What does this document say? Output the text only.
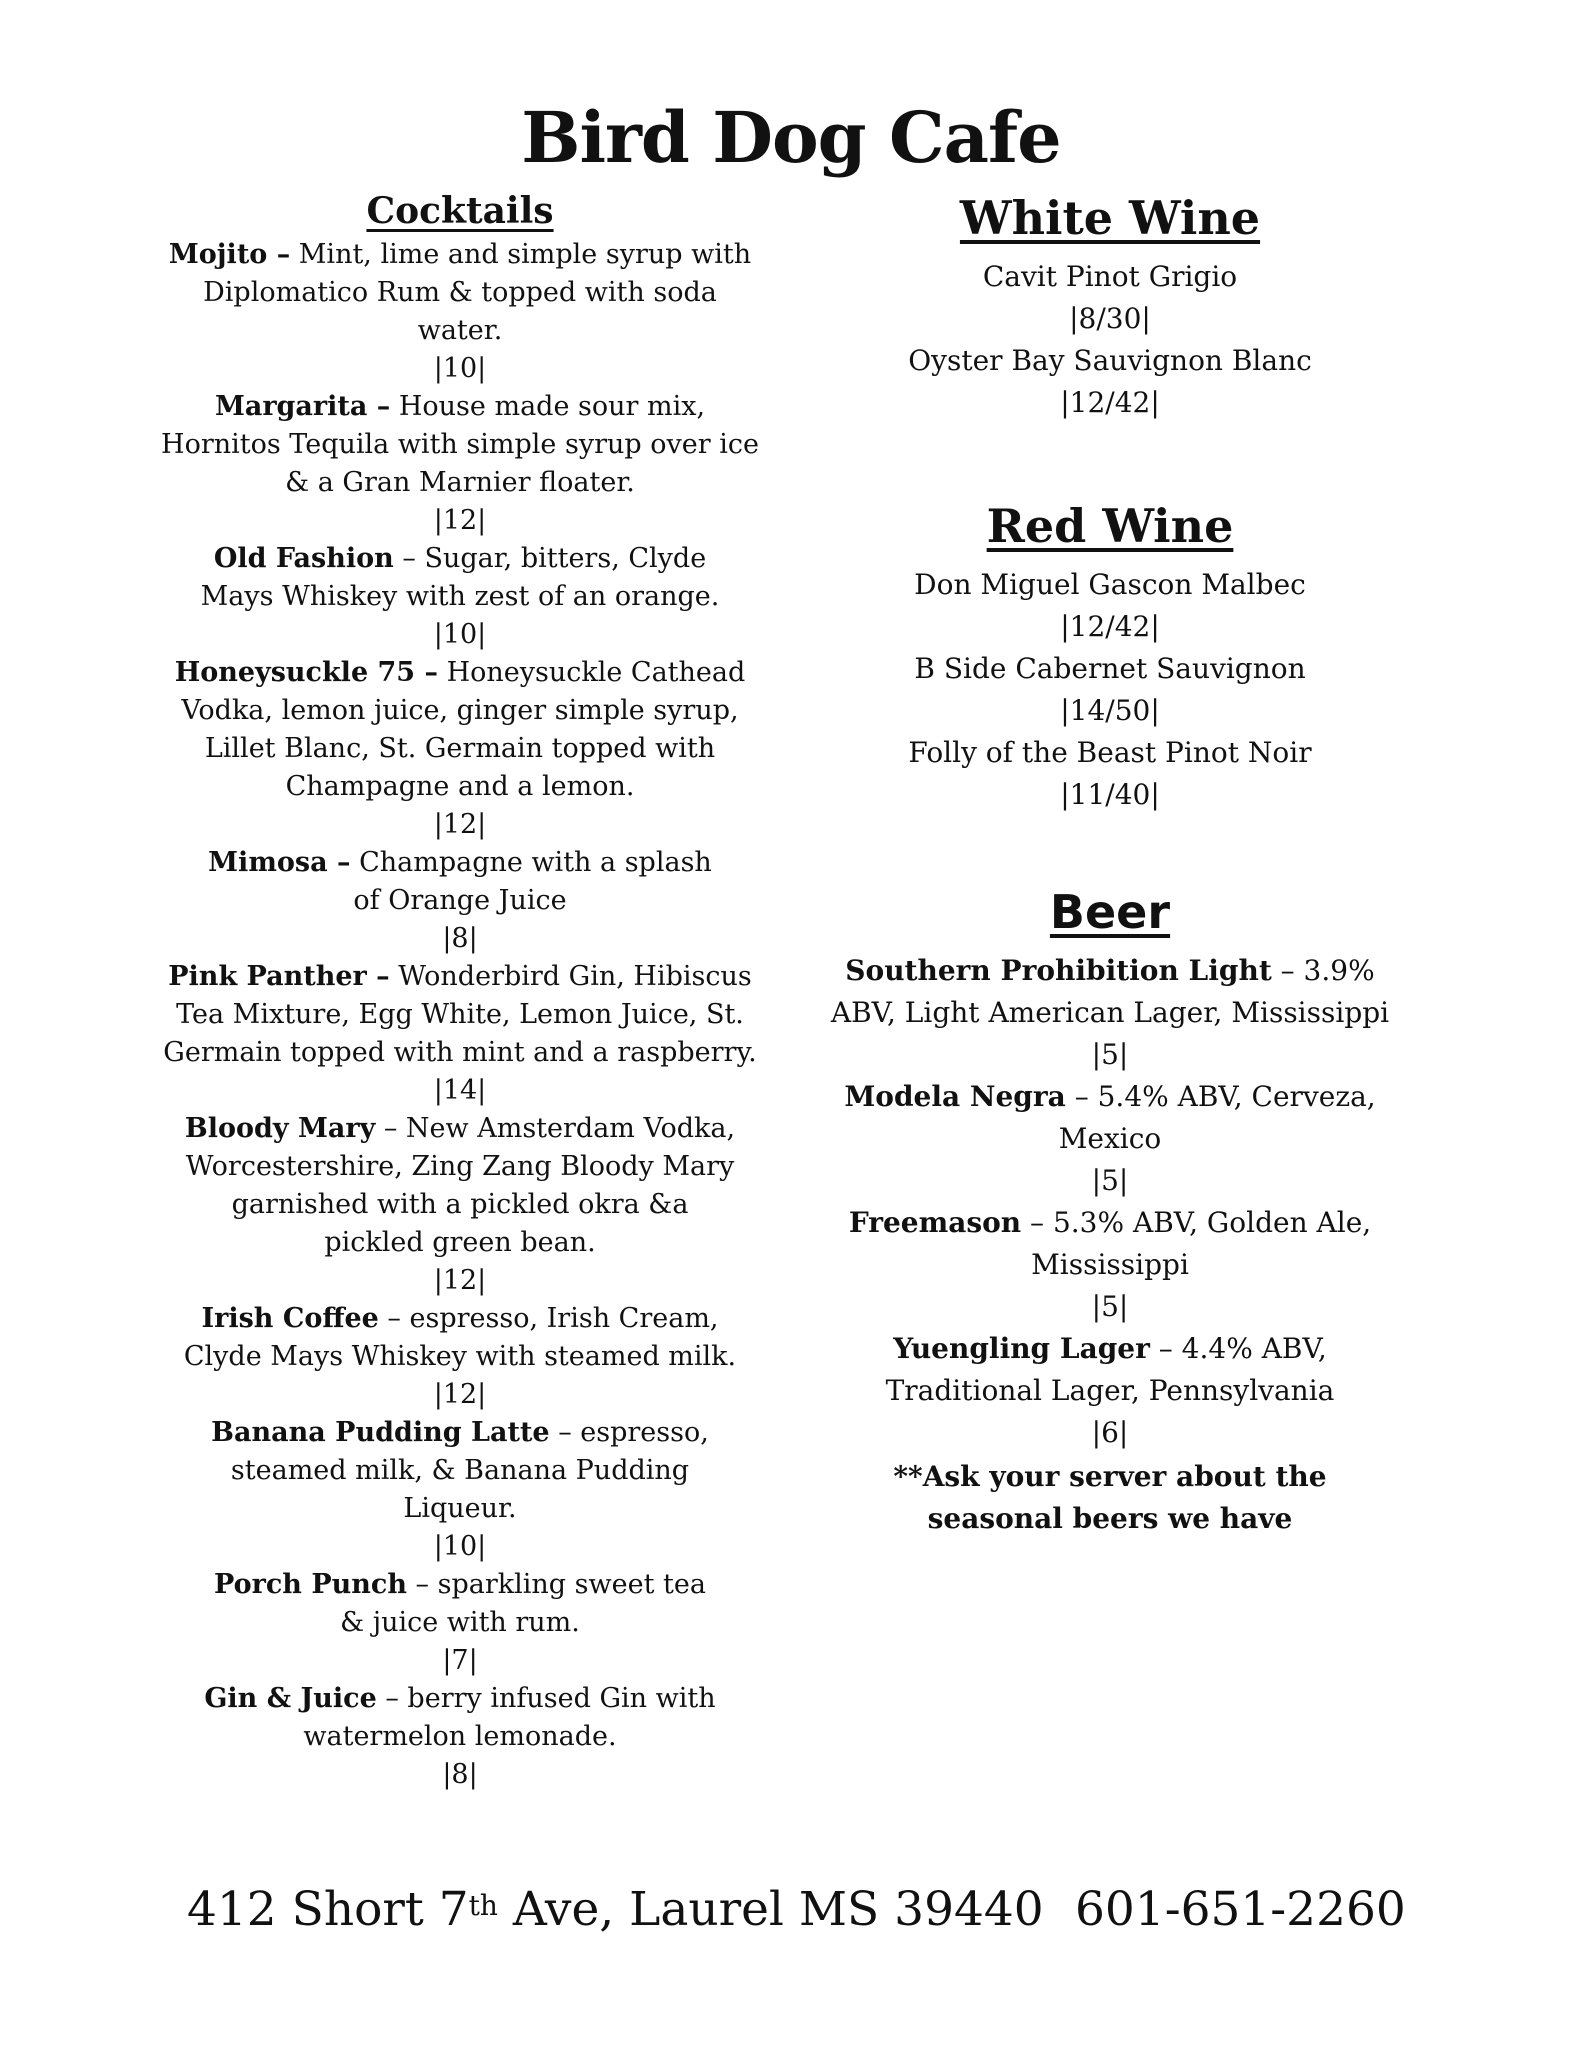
Bird Dog Cafe
Cocktails
Mojito – Mint, lime and simple syrup with Diplomatico Rum & topped with soda water.
|10|
Margarita – House made sour mix, Hornitos Tequila with simple syrup over ice & a Gran Marnier floater.
|12|
Old Fashion – Sugar, bitters, Clyde Mays Whiskey with zest of an orange.
|10|
Honeysuckle 75 – Honeysuckle Cathead Vodka, lemon juice, ginger simple syrup, Lillet Blanc, St. Germain topped with Champagne and a lemon.
|12|
Mimosa – Champagne with a splash of Orange Juice
|8|
Pink Panther – Wonderbird Gin, Hibiscus Tea Mixture, Egg White, Lemon Juice, St. Germain topped with mint and a raspberry.
|14|
Bloody Mary – New Amsterdam Vodka, Worcestershire, Zing Zang Bloody Mary garnished with a pickled okra &a pickled green bean.
|12|
Irish Coffee – espresso, Irish Cream, Clyde Mays Whiskey with steamed milk.
|12|
Banana Pudding Latte – espresso, steamed milk, & Banana Pudding Liqueur.
|10|
Porch Punch – sparkling sweet tea & juice with rum.
|7|
Gin & Juice – berry infused Gin with watermelon lemonade.
|8|
White Wine
Cavit Pinot Grigio
|8/30|
Oyster Bay Sauvignon Blanc
|12/42|
Red Wine
Don Miguel Gascon Malbec
|12/42|
B Side Cabernet Sauvignon
|14/50|
Folly of the Beast Pinot Noir
|11/40|
Beer
Southern Prohibition Light – 3.9% ABV, Light American Lager, Mississippi
|5|
Modela Negra – 5.4% ABV, Cerveza, Mexico
|5|
Freemason – 5.3% ABV, Golden Ale, Mississippi
|5|
Yuengling Lager – 4.4% ABV, Traditional Lager, Pennsylvania
|6|
**Ask your server about the seasonal beers we have
412 Short 7th Ave, Laurel MS 39440 601-651-2260
